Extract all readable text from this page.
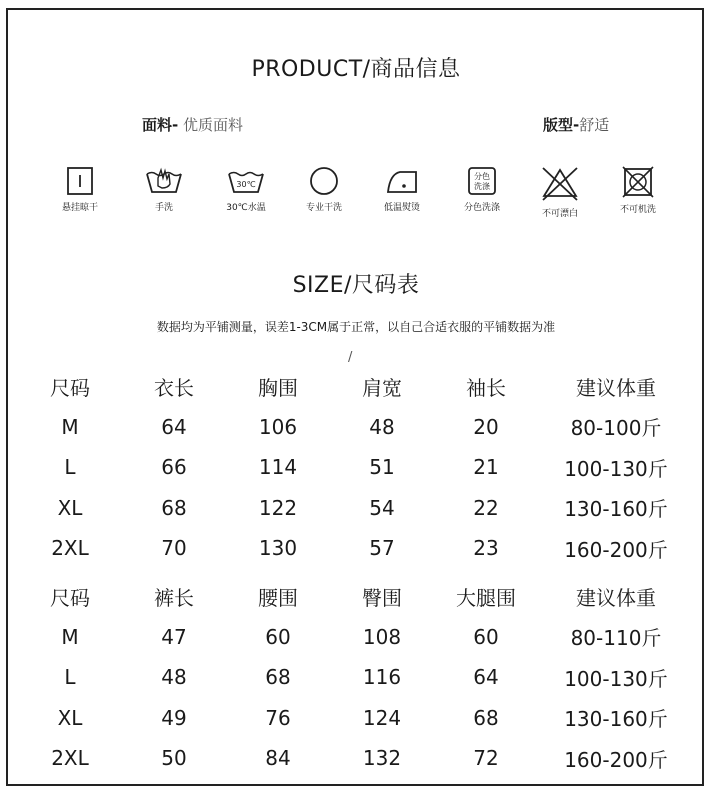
PRODUCT/商品信息
面料- 优质面料	版型-舒适
悬挂晾干	手洗
30℃
30℃水温	专业干洗	低温熨烫
分色
洗涤
分色洗涤
不可漂白	不可机洗
SIZE/尺码表
数据均为平铺测量，误差1-3CM属于正常，以自己合适衣服的平铺数据为准
/
尺码	衣长	胸围	肩宽	袖长	建议体重
M	64	106	48	20	80-100斤
L	66	114	51	21	100-130斤
XL	68	122	54	22	130-160斤
2XL	70	130	57	23	160-200斤
尺码	裤长	腰围	臀围	大腿围	建议体重
M	47	60	108	60	80-110斤
L	48	68	116	64	100-130斤
XL	49	76	124	68	130-160斤
2XL	50	84	132	72	160-200斤
